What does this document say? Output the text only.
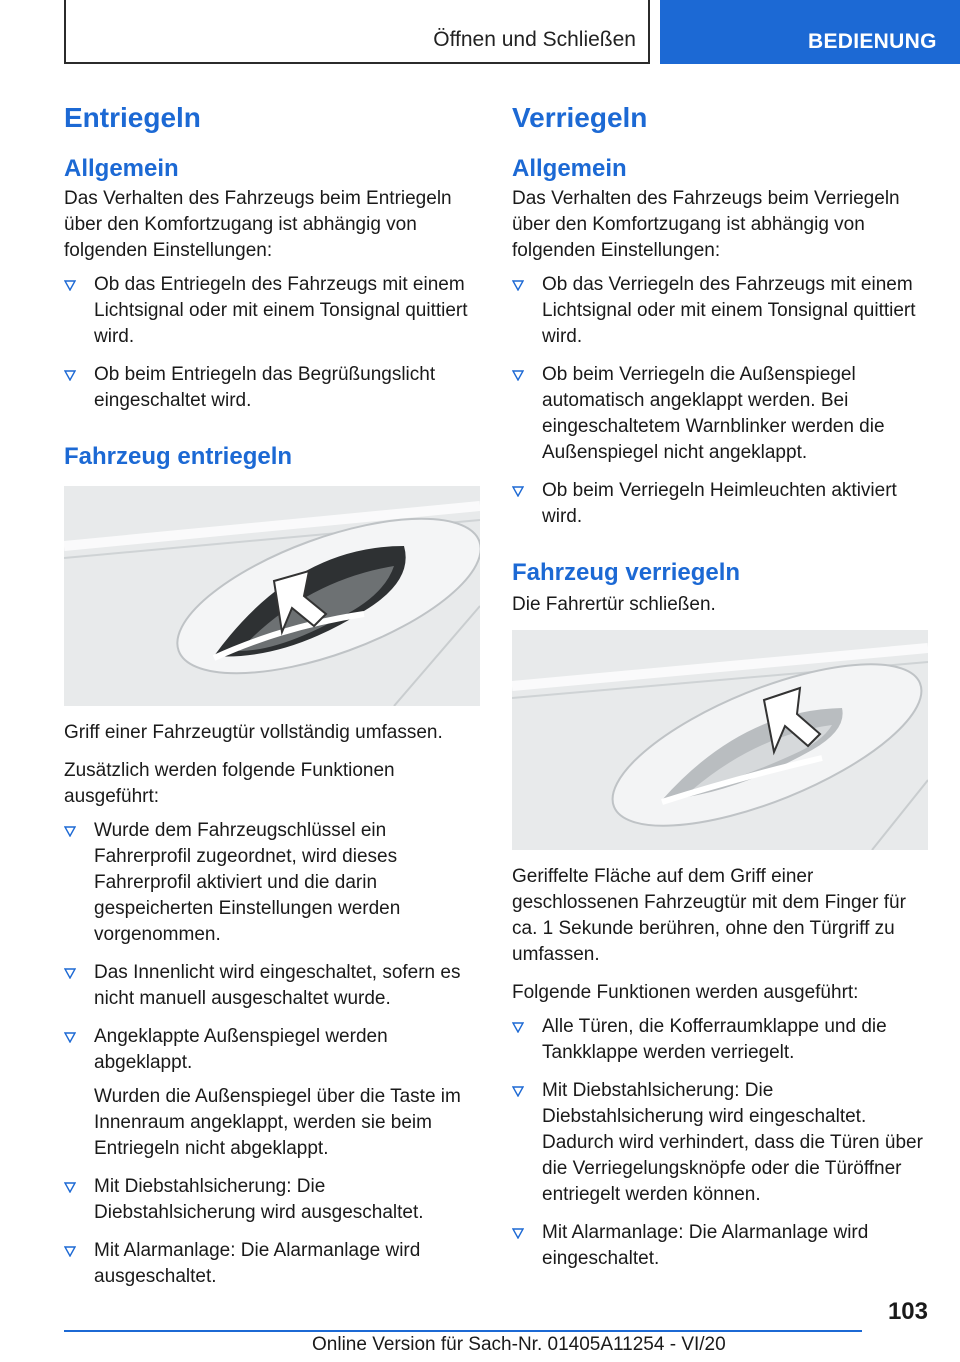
Öffnen und Schließen	BEDIENUNG
Entriegeln
Allgemein

Das Verhalten des Fahrzeugs beim Entriegeln über den Komfortzugang ist abhängig von folgenden Einstellungen:

Ob das Entriegeln des Fahrzeugs mit einem Lichtsignal oder mit einem Tonsignal quittiert wird.
Ob beim Entriegeln das Begrüßungslicht eingeschaltet wird.
Fahrzeug entriegeln

Griff einer Fahrzeugtür vollständig umfassen.

Zusätzlich werden folgende Funktionen ausgeführt:

Wurde dem Fahrzeugschlüssel ein Fahrerprofil zugeordnet, wird dieses Fahrerprofil aktiviert und die darin gespeicherten Einstellungen werden vorgenommen.
Das Innenlicht wird eingeschaltet, sofern es nicht manuell ausgeschaltet wurde.
Angeklappte Außenspiegel werden abgeklappt.
Wurden die Außenspiegel über die Taste im Innenraum angeklappt, werden sie beim Entriegeln nicht abgeklappt.
Mit Diebstahlsicherung: Die Diebstahlsicherung wird ausgeschaltet.
Mit Alarmanlage: Die Alarmanlage wird ausgeschaltet.
Verriegeln
Allgemein

Das Verhalten des Fahrzeugs beim Verriegeln über den Komfortzugang ist abhängig von folgenden Einstellungen:

Ob das Verriegeln des Fahrzeugs mit einem Lichtsignal oder mit einem Tonsignal quittiert wird.
Ob beim Verriegeln die Außenspiegel automatisch angeklappt werden. Bei eingeschaltetem Warnblinker werden die Außenspiegel nicht angeklappt.
Ob beim Verriegeln Heimleuchten aktiviert wird.
Fahrzeug verriegeln

Die Fahrertür schließen.

Geriffelte Fläche auf dem Griff einer geschlossenen Fahrzeugtür mit dem Finger für ca. 1 Sekunde berühren, ohne den Türgriff zu umfassen.

Folgende Funktionen werden ausgeführt:

Alle Türen, die Kofferraumklappe und die Tankklappe werden verriegelt.
Mit Diebstahlsicherung: Die Diebstahlsicherung wird eingeschaltet. Dadurch wird verhindert, dass die Türen über die Verriegelungsknöpfe oder die Türöffner entriegelt werden können.
Mit Alarmanlage: Die Alarmanlage wird eingeschaltet.
103
Online Version für Sach-Nr. 01405A11254 - VI/20
